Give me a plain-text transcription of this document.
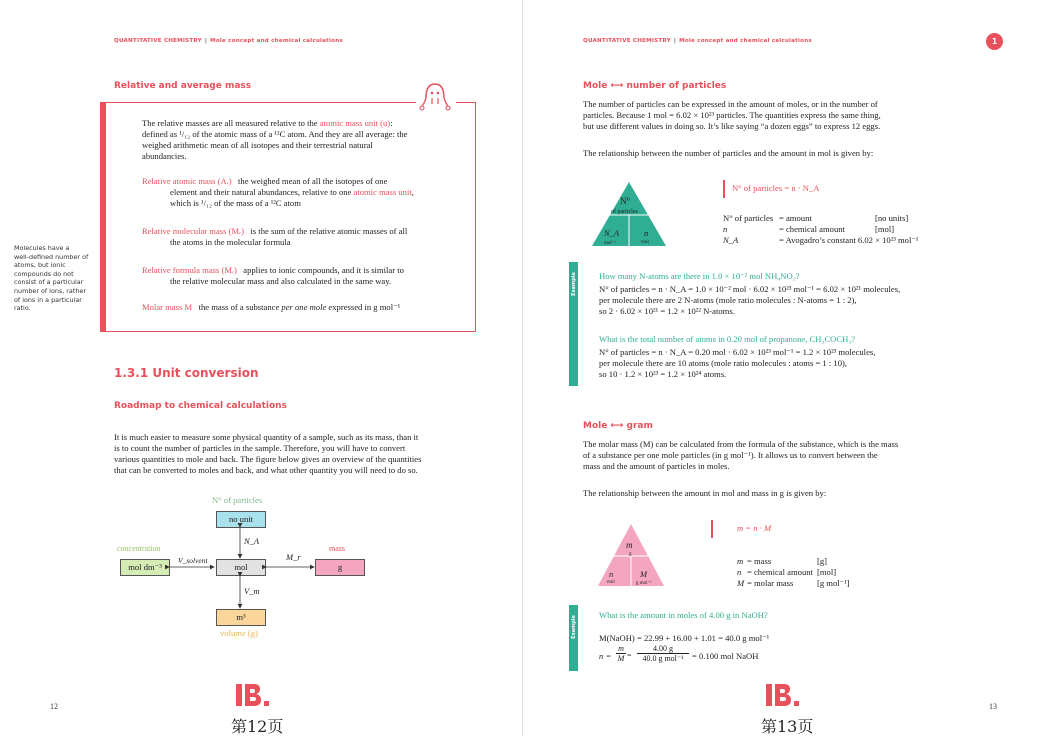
QUANTITATIVE CHEMISTRY | Mole concept and chemical calculations
Relative and average mass
The relative masses are all measured relative to the atomic mass unit (u):
defined as ¹/₁₂ of the atomic mass of a ¹²C atom. And they are all average: the
weighed arithmetic mean of all isotopes and their terrestrial natural
abundancies.
Relative atomic mass (Aᵣ) the weighed mean of all the isotopes of one
element and their natural abundances, relative to one atomic mass unit,
which is ¹/₁₂ of the mass of a ¹²C atom
Relative molecular mass (Mᵣ) is the sum of the relative atomic masses of all
the atoms in the molecular formula
Relative formula mass (Mᵣ) applies to ionic compounds, and it is similar to
the relative molecular mass and also calculated in the same way.
Molar mass M the mass of a substance per one mole expressed in g mol⁻¹
Molecules have a
well-defined number of
atoms, but ionic
compounds do not
consist of a particular
number of ions, rather
of ions in a particular
ratio.
1.3.1 Unit conversion
Roadmap to chemical calculations
It is much easier to measure some physical quantity of a sample, such as its mass, than it
is to count the number of particles in the sample. Therefore, you will have to convert
various quantities to mole and back. The figure below gives an overview of the quantities
that can be converted to moles and back, and what other quantity you will need to do so.
N° of particles
no unit
concentration
mol dm⁻³	mol
mass
g
m³
volume (g)
N_A
V_solvent	M_r
V_m
12
第12页
QUANTITATIVE CHEMISTRY | Mole concept and chemical calculations	1
Mole ⟷ number of particles
The number of particles can be expressed in the amount of moles, or in the number of
particles. Because 1 mol = 6.02 × 10²³ particles. The quantities express the same thing,
but use different values in doing so. It’s like saying “a dozen eggs” to express 12 eggs.
The relationship between the number of particles and the amount in mol is given by:
N°
of particles
N_A
mol⁻¹
n
mol
N° of particles = n · N_A
N° of particles = amount	[no units]
n	= chemical amount	[mol]
N_A	= Avogadro’s constant 6.02 × 10²³ mol⁻¹
Example	How many N-atoms are there in 1.0 × 10⁻² mol NH₄NO₃?
N° of particles = n · N_A = 1.0 × 10⁻² mol · 6.02 × 10²³ mol⁻¹ = 6.02 × 10²¹ molecules,
per molecule there are 2 N-atoms (mole ratio molecules : N-atoms = 1 : 2),
so 2 · 6.02 × 10²¹ = 1.2 × 10²² N-atoms.
What is the total number of atoms in 0.20 mol of propanone, CH₃COCH₃?
N° of particles = n · N_A = 0.20 mol · 6.02 × 10²³ mol⁻¹ = 1.2 × 10²³ molecules,
per molecule there are 10 atoms (mole ratio molecules : atoms = 1 : 10),
so 10 · 1.2 × 10²³ = 1.2 × 10²⁴ atoms.
Mole ⟷ gram
The molar mass (M) can be calculated from the formula of the substance, which is the mass
of a substance per one mole particles (in g mol⁻¹). It allows us to convert between the
mass and the amount of particles in moles.
The relationship between the amount in mol and mass in g is given by:
m
g
n
mol
M
g mol⁻¹
m = n · M
m = mass	[g]
n = chemical amount [mol]
M = molar mass	[g mol⁻¹]
Example
What is the amount in moles of 4.00 g in NaOH?
M(NaOH) = 22.99 + 16.00 + 1.01 = 40.0 g mol⁻¹
$n = \frac{m}{M}$ =
4.00 g
40.0 g mol⁻¹ = 0.100 mol NaOH
13
第13页
